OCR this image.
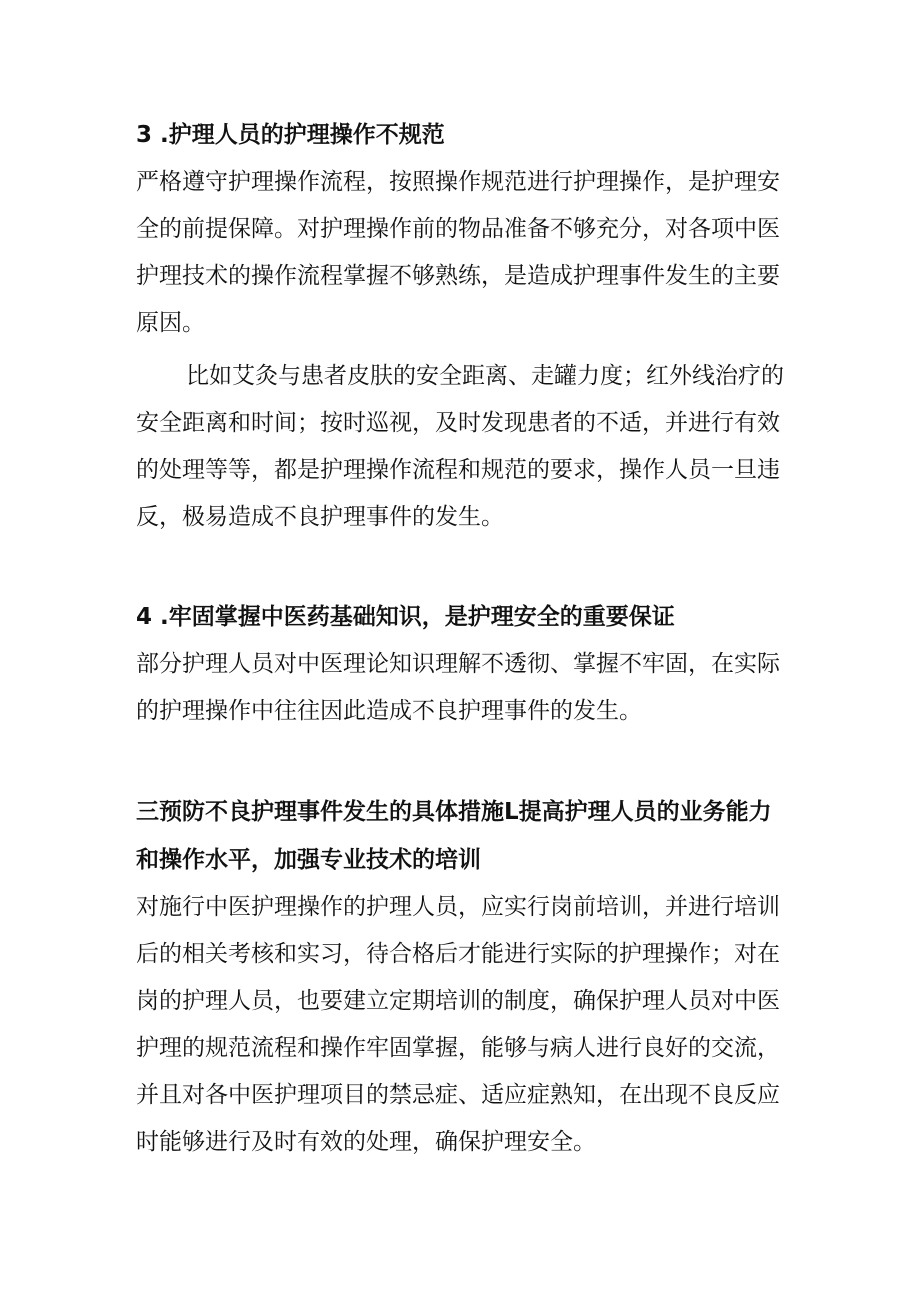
3 .护理人员的护理操作不规范
严格遵守护理操作流程，按照操作规范进行护理操作，是护理安
全的前提保障。对护理操作前的物品准备不够充分，对各项中医
护理技术的操作流程掌握不够熟练，是造成护理事件发生的主要
原因。
比如艾灸与患者皮肤的安全距离、走罐力度；红外线治疗的
安全距离和时间；按时巡视，及时发现患者的不适，并进行有效
的处理等等，都是护理操作流程和规范的要求，操作人员一旦违
反，极易造成不良护理事件的发生。
4 .牢固掌握中医药基础知识，是护理安全的重要保证
部分护理人员对中医理论知识理解不透彻、掌握不牢固，在实际
的护理操作中往往因此造成不良护理事件的发生。
三预防不良护理事件发生的具体措施L提高护理人员的业务能力
和操作水平，加强专业技术的培训
对施行中医护理操作的护理人员，应实行岗前培训，并进行培训
后的相关考核和实习，待合格后才能进行实际的护理操作；对在
岗的护理人员，也要建立定期培训的制度，确保护理人员对中医
护理的规范流程和操作牢固掌握，能够与病人进行良好的交流，
并且对各中医护理项目的禁忌症、适应症熟知，在出现不良反应
时能够进行及时有效的处理，确保护理安全。
